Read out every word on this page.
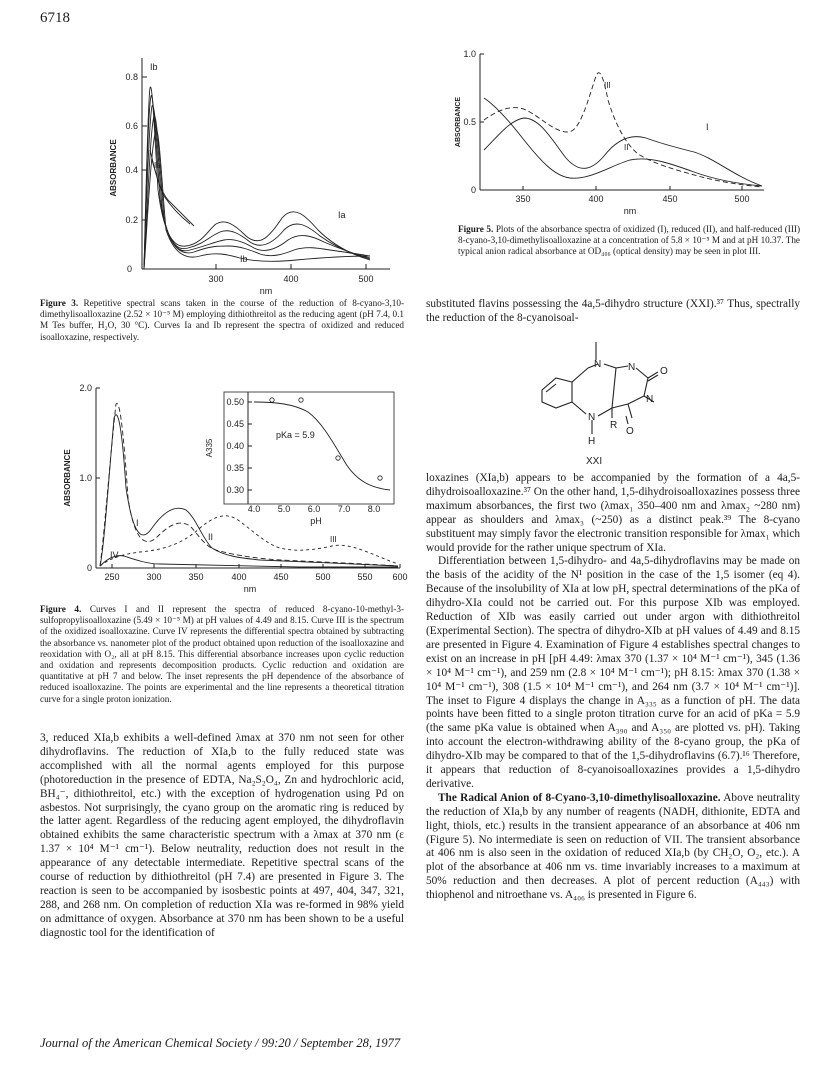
6718
0
0.2
0.4
0.6
0.8
300	400	500
nm
ABSORBANCE
Ib
Ia
Ia
Ib
Figure 3. Repetitive spectral scans taken in the course of the reduction of 8-cyano-3,10-dimethylisoalloxazine (2.52 × 10⁻⁵ M) employing dithiothreitol as the reducing agent (pH 7.4, 0.1 M Tes buffer, H₂O, 30 °C). Curves Ia and Ib represent the spectra of oxidized and reduced isoalloxazine, respectively.
0
1.0
2.0
250	300	350	400	450	500	550 600
nm
ABSORBANCE
0.50
0.45
0.40
0.35
0.30
4.0 5.0 6.0 7.0 8.0
pH
A335
pKa = 5.9
I
II	III
IV
Figure 4. Curves I and II represent the spectra of reduced 8-cyano-10-methyl-3-sulfopropylisoalloxazine (5.49 × 10⁻⁵ M) at pH values of 4.49 and 8.15. Curve III is the spectrum of the oxidized isoalloxazine. Curve IV represents the differential spectra obtained by subtracting the absorbance vs. nanometer plot of the product obtained upon reduction of the isoalloxazine and reoxidation with O₂, all at pH 8.15. This differential absorbance increases upon cyclic reduction and oxidation and represents decomposition products. Cyclic reduction and oxidation are quantitative at pH 7 and below. The inset represents the pH dependence of the absorbance of reduced isoalloxazine. The points are experimental and the line represents a theoretical titration curve for a single proton ionization.

3, reduced XIa,b exhibits a well-defined λmax at 370 nm not seen for other dihydroflavins. The reduction of XIa,b to the fully reduced state was accomplished with all the normal agents employed for this purpose (photoreduction in the presence of EDTA, Na₂S₂O₄, Zn and hydrochloric acid, BH₄⁻, dithiothreitol, etc.) with the exception of hydrogenation using Pd on asbestos. Not surprisingly, the cyano group on the aromatic ring is reduced by the latter agent. Regardless of the reducing agent employed, the dihydroflavin obtained exhibits the same characteristic spectrum with a λmax at 370 nm (ε 1.37 × 10⁴ M⁻¹ cm⁻¹). Below neutrality, reduction does not result in the appearance of any detectable intermediate. Repetitive spectral scans of the course of reduction by dithiothreitol (pH 7.4) are presented in Figure 3. The reaction is seen to be accompanied by isosbestic points at 497, 404, 347, 321, 288, and 268 nm. On completion of reduction XIa was re-formed in 98% yield on admittance of oxygen. Absorbance at 370 nm has been shown to be a useful diagnostic tool for the identification of

0
0.5
1.0
350	400	450	500
nm
ABSORBANCE
III
I
II
Figure 5. Plots of the absorbance spectra of oxidized (I), reduced (II), and half-reduced (III) 8-cyano-3,10-dimethylisoalloxazine at a concentration of 5.8 × 10⁻⁵ M and at pH 10.37. The typical anion radical absorbance at OD₄₀₆ (optical density) may be seen in plot III.

substituted flavins possessing the 4a,5-dihydro structure (XXI).³⁷ Thus, spectrally the reduction of the 8-cyanoisoal-

N	N O
N
N
R
O
H
XXI

loxazines (XIa,b) appears to be accompanied by the formation of a 4a,5-dihydroisoalloxazine.³⁷ On the other hand, 1,5-dihydroisoalloxazines possess three maximum absorbances, the first two (λmax₁ 350–400 nm and λmax₂ ~280 nm) appear as shoulders and λmax₃ (~250) as a distinct peak.³⁹ The 8-cyano substituent may simply favor the electronic transition responsible for λmax₁ which would provide for the rather unique spectrum of XIa.

Differentiation between 1,5-dihydro- and 4a,5-dihydroflavins may be made on the basis of the acidity of the N¹ position in the case of the 1,5 isomer (eq 4). Because of the insolubility of XIa at low pH, spectral determinations of the pKa of dihydro-XIa could not be carried out. For this purpose XIb was employed. Reduction of XIb was easily carried out under argon with dithiothreitol (Experimental Section). The spectra of dihydro-XIb at pH values of 4.49 and 8.15 are presented in Figure 4. Examination of Figure 4 establishes spectral changes to exist on an increase in pH [pH 4.49: λmax 370 (1.37 × 10⁴ M⁻¹ cm⁻¹), 345 (1.36 × 10⁴ M⁻¹ cm⁻¹), and 259 nm (2.8 × 10⁴ M⁻¹ cm⁻¹); pH 8.15: λmax 370 (1.38 × 10⁴ M⁻¹ cm⁻¹), 308 (1.5 × 10⁴ M⁻¹ cm⁻¹), and 264 nm (3.7 × 10⁴ M⁻¹ cm⁻¹)]. The inset to Figure 4 displays the change in A₃₃₅ as a function of pH. The data points have been fitted to a single proton titration curve for an acid of pKa = 5.9 (the same pKa value is obtained when A₃₉₀ and A₃₅₀ are plotted vs. pH). Taking into account the electron-withdrawing ability of the 8-cyano group, the pKa of dihydro-XIb may be compared to that of the 1,5-dihydroflavins (6.7).¹⁶ Therefore, it appears that reduction of 8-cyanoisoalloxazines provides a 1,5-dihydro derivative.

The Radical Anion of 8-Cyano-3,10-dimethylisoalloxazine. Above neutrality the reduction of XIa,b by any number of reagents (NADH, dithionite, EDTA and light, thiols, etc.) results in the transient appearance of an absorbance at 406 nm (Figure 5). No intermediate is seen on reduction of VII. The transient absorbance at 406 nm is also seen in the oxidation of reduced XIa,b (by CH₂O, O₂, etc.). A plot of the absorbance at 406 nm vs. time invariably increases to a maximum at 50% reduction and then decreases. A plot of percent reduction (A₄₄₃) with thiophenol and nitroethane vs. A₄₀₆ is presented in Figure 6.

Journal of the American Chemical Society / 99:20 / September 28, 1977
